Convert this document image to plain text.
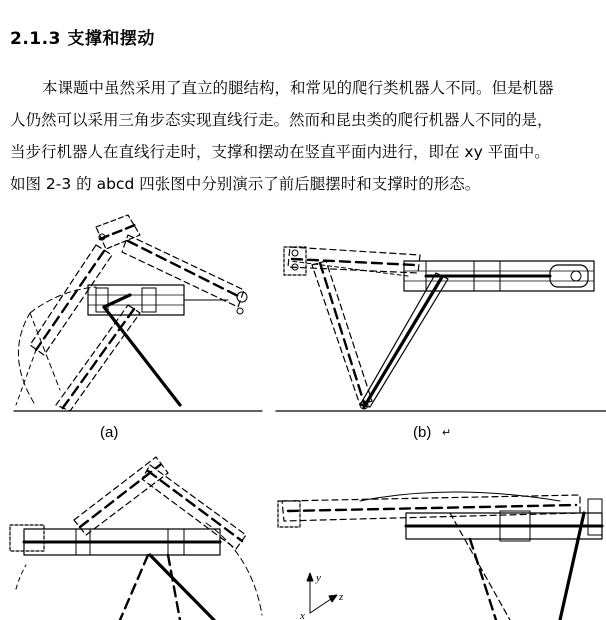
2.1.3 支撑和摆动
本课题中虽然采用了直立的腿结构，和常见的爬行类机器人不同。但是机器
人仍然可以采用三角步态实现直线行走。然而和昆虫类的爬行机器人不同的是，
当步行机器人在直线行走时，支撑和摆动在竖直平面内进行，即在 xy 平面中。
如图 2-3 的 abcd 四张图中分别演示了前后腿摆时和支撑时的形态。
y
z
x
(a)	(b) ↵
